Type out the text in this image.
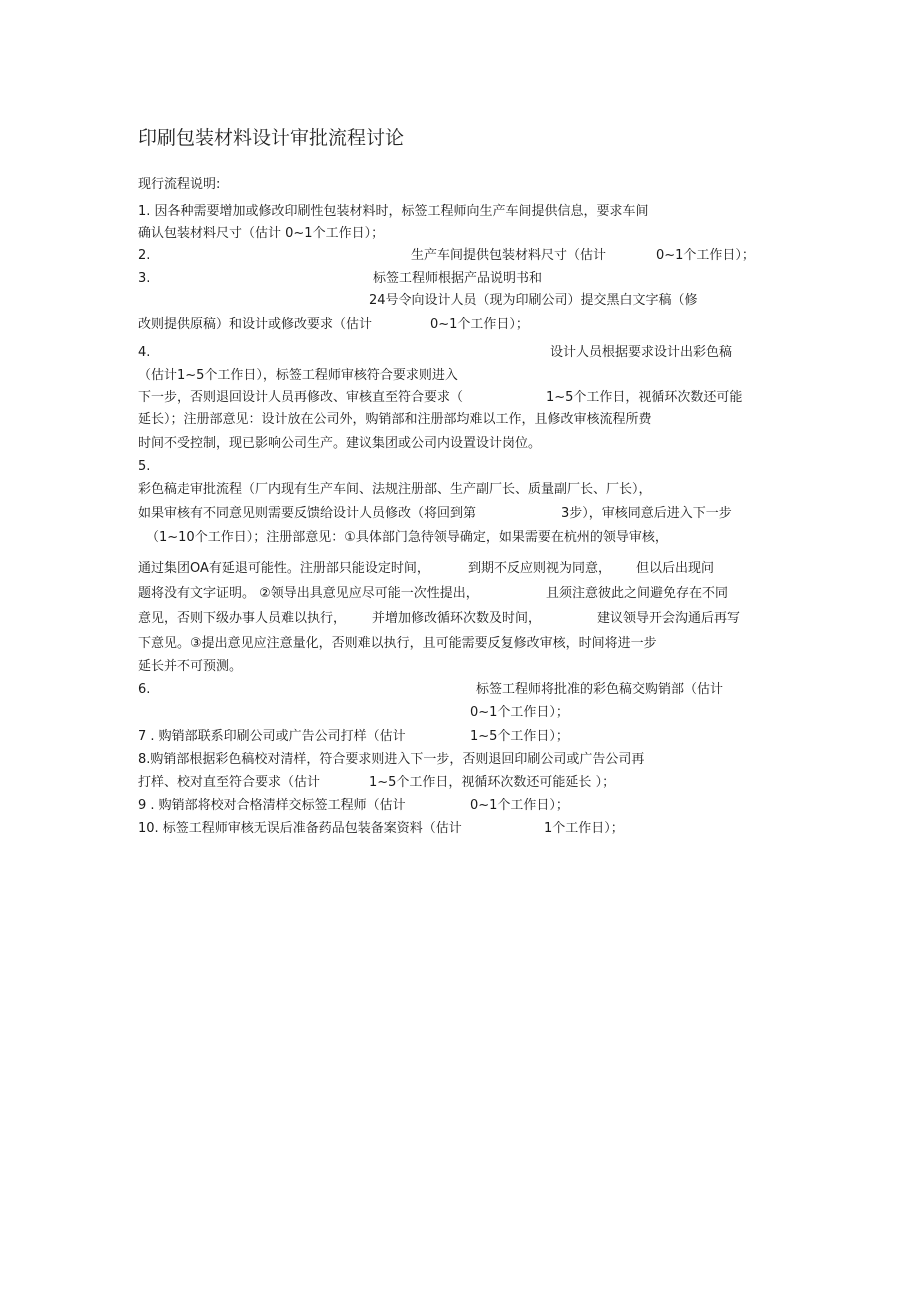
印刷包装材料设计审批流程讨论
现行流程说明:
1. 因各种需要增加或修改印刷性包装材料时，标签工程师向生产车间提供信息，要求车间
确认包装材料尺寸（估计 0~1个工作日）；
2.	生产车间提供包装材料尺寸（估计	0~1个工作日）；
3.	标签工程师根据产品说明书和
24号令向设计人员（现为印刷公司）提交黑白文字稿（修
改则提供原稿）和设计或修改要求（估计	0~1个工作日）；
4.	设计人员根据要求设计出彩色稿
（估计1~5个工作日），标签工程师审核符合要求则进入
下一步，否则退回设计人员再修改、审核直至符合要求（	1~5个工作日，视循环次数还可能
延长）；注册部意见：设计放在公司外，购销部和注册部均难以工作，且修改审核流程所费
时间不受控制，现已影响公司生产。建议集团或公司内设置设计岗位。
5.
彩色稿走审批流程（厂内现有生产车间、法规注册部、生产副厂长、质量副厂长、厂长），
如果审核有不同意见则需要反馈给设计人员修改（将回到第	3步），审核同意后进入下一步
（1~10个工作日）；注册部意见：①具体部门急待领导确定，如果需要在杭州的领导审核，
通过集团OA有延退可能性。注册部只能设定时间，	到期不反应则视为同意， 但以后出现问
题将没有文字证明。 ②领导出具意见应尽可能一次性提出，	且须注意彼此之间避免存在不同
意见，否则下级办事人员难以执行， 并增加修改循环次数及时间，	建议领导开会沟通后再写
下意见。③提出意见应注意量化，否则难以执行，且可能需要反复修改审核，时间将进一步
延长并不可预测。
6.	标签工程师将批准的彩色稿交购销部（估计
0~1个工作日）；
7 . 购销部联系印刷公司或广告公司打样（估计	1~5个工作日）；
8.购销部根据彩色稿校对清样，符合要求则进入下一步，否则退回印刷公司或广告公司再
打样、校对直至符合要求（估计	1~5个工作日，视循环次数还可能延长 ）；
9 . 购销部将校对合格清样交标签工程师（估计	0~1个工作日）；
10. 标签工程师审核无误后准备药品包装备案资料（估计	1个工作日）；
